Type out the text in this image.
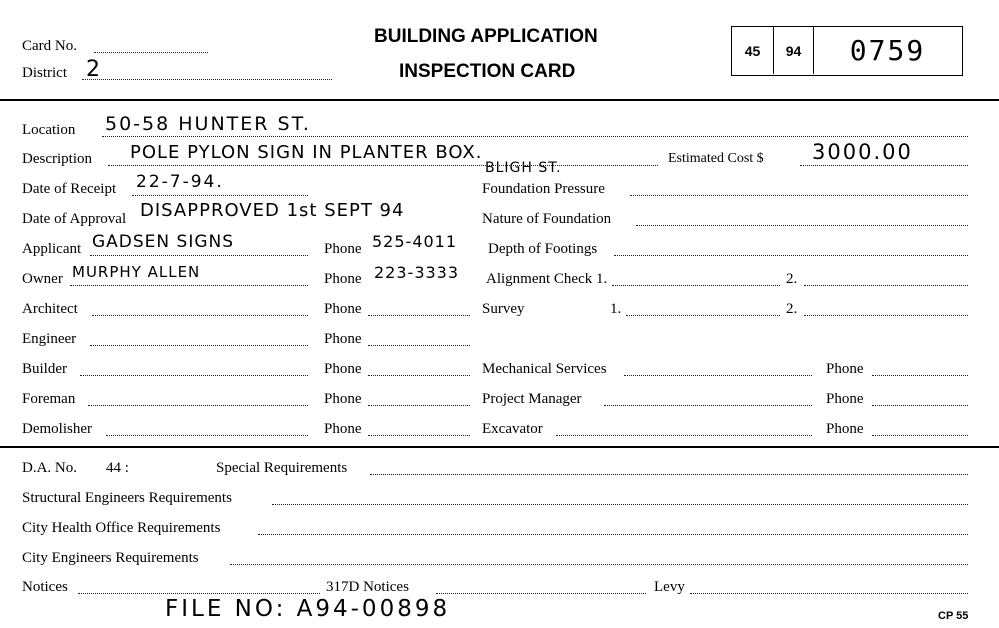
Card No.
District 2
BUILDING APPLICATION
INSPECTION CARD
45	94	0759
Location 50-58 HUNTER ST.
Description POLE PYLON SIGN IN PLANTER BOX.
BLIGH ST.
Estimated Cost $ 3000.00
Date of Receipt 22-7-94.	Foundation Pressure
Date of Approval DISAPPROVED 1st SEPT 94	Nature of Foundation
Applicant GADSEN SIGNS	Phone 525-4011 Depth of Footings
Owner MURPHY ALLEN	Phone 223-3333 Alignment Check 1.	2.
Architect	Phone	Survey	1.	2.
Engineer	Phone
Builder	Phone	Mechanical Services	Phone
Foreman	Phone	Project Manager	Phone
Demolisher	Phone	Excavator	Phone
D.A. No. 44 :	Special Requirements
Structural Engineers Requirements
City Health Office Requirements
City Engineers Requirements
Notices	317D Notices	Levy
FILE NO: A94-00898	CP 55
